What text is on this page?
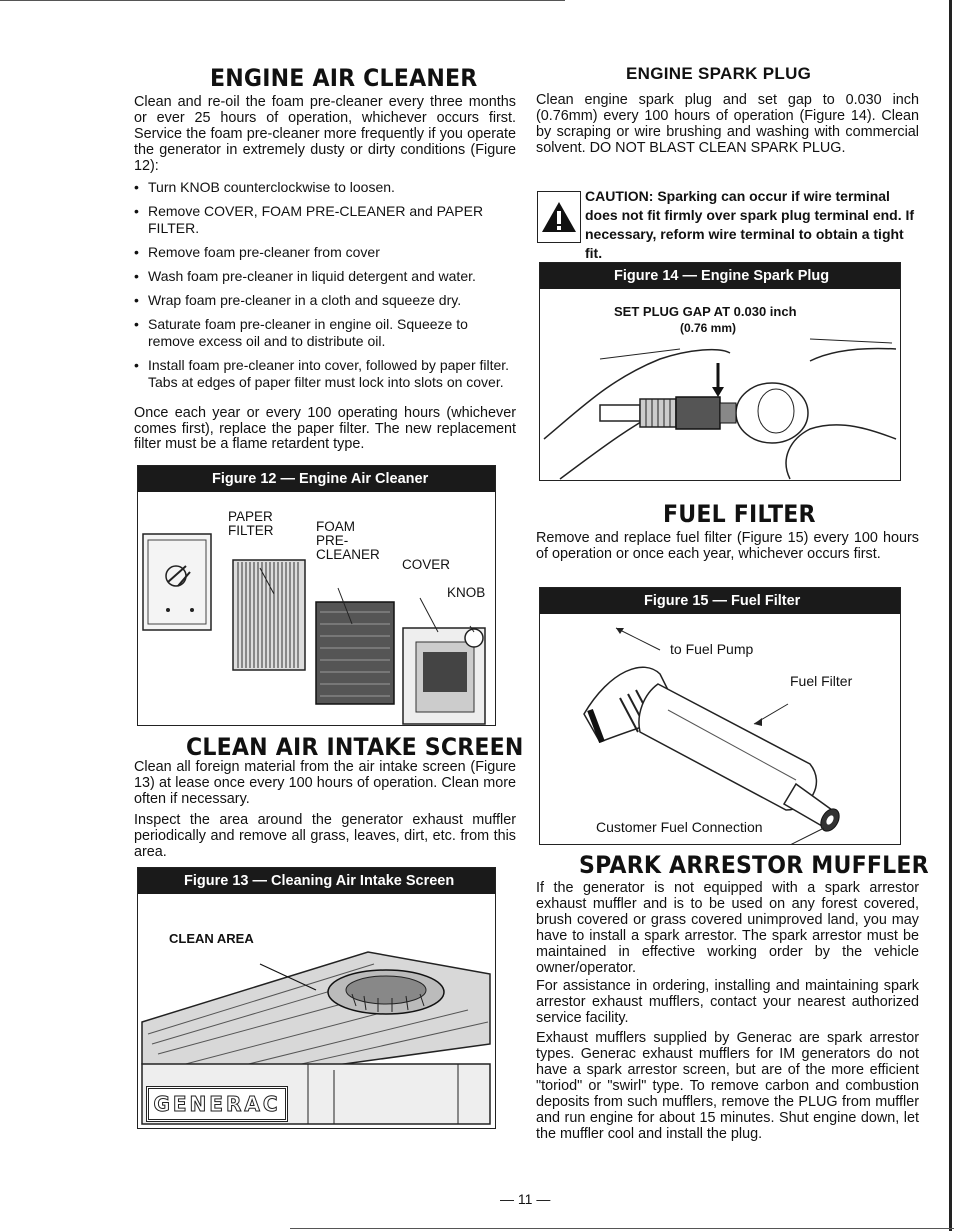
ENGINE AIR CLEANER
Clean and re-oil the foam pre-cleaner every three months or ever 25 hours of operation, whichever occurs first. Service the foam pre-cleaner more frequently if you operate the generator in extremely dusty or dirty conditions (Figure 12):
• Turn KNOB counterclockwise to loosen.
• Remove COVER, FOAM PRE-CLEANER and PAPER FILTER.
• Remove foam pre-cleaner from cover
• Wash foam pre-cleaner in liquid detergent and water.
• Wrap foam pre-cleaner in a cloth and squeeze dry.
• Saturate foam pre-cleaner in engine oil. Squeeze to remove excess oil and to distribute oil.
• Install foam pre-cleaner into cover, followed by paper filter. Tabs at edges of paper filter must lock into slots on cover.
Once each year or every 100 operating hours (whichever comes first), replace the paper filter. The new replacement filter must be a flame retardent type.
Figure 12 — Engine Air Cleaner
PAPER FILTER	FOAM PRE- CLEANER
COVER
KNOB
CLEAN AIR INTAKE SCREEN
Clean all foreign material from the air intake screen (Figure 13) at lease once every 100 hours of operation. Clean more often if necessary.
Inspect the area around the generator exhaust muffler periodically and remove all grass, leaves, dirt, etc. from this area.
Figure 13 — Cleaning Air Intake Screen
CLEAN AREA
GENERAC
ENGINE SPARK PLUG
Clean engine spark plug and set gap to 0.030 inch (0.76mm) every 100 hours of operation (Figure 14). Clean by scraping or wire brushing and washing with commercial solvent. DO NOT BLAST CLEAN SPARK PLUG.
CAUTION: Sparking can occur if wire terminal does not fit firmly over spark plug terminal end. If necessary, reform wire terminal to obtain a tight fit.
Figure 14 — Engine Spark Plug
SET PLUG GAP AT 0.030 inch
(0.76 mm)
FUEL FILTER
Remove and replace fuel filter (Figure 15) every 100 hours of operation or once each year, whichever occurs first.
Figure 15 — Fuel Filter
to Fuel Pump
Fuel Filter
Customer Fuel Connection
SPARK ARRESTOR MUFFLER
If the generator is not equipped with a spark arrestor exhaust muffler and is to be used on any forest covered, brush covered or grass covered unimproved land, you may have to install a spark arrestor. The spark arrestor must be maintained in effective working order by the vehicle owner/operator.
For assistance in ordering, installing and maintaining spark arrestor exhaust mufflers, contact your nearest authorized service facility.
Exhaust mufflers supplied by Generac are spark arrestor types. Generac exhaust mufflers for IM generators do not have a spark arrestor screen, but are of the more efficient "toriod" or "swirl" type. To remove carbon and combustion deposits from such mufflers, remove the PLUG from muffler and run engine for about 15 minutes. Shut engine down, let the muffler cool and install the plug.
— 11 —
